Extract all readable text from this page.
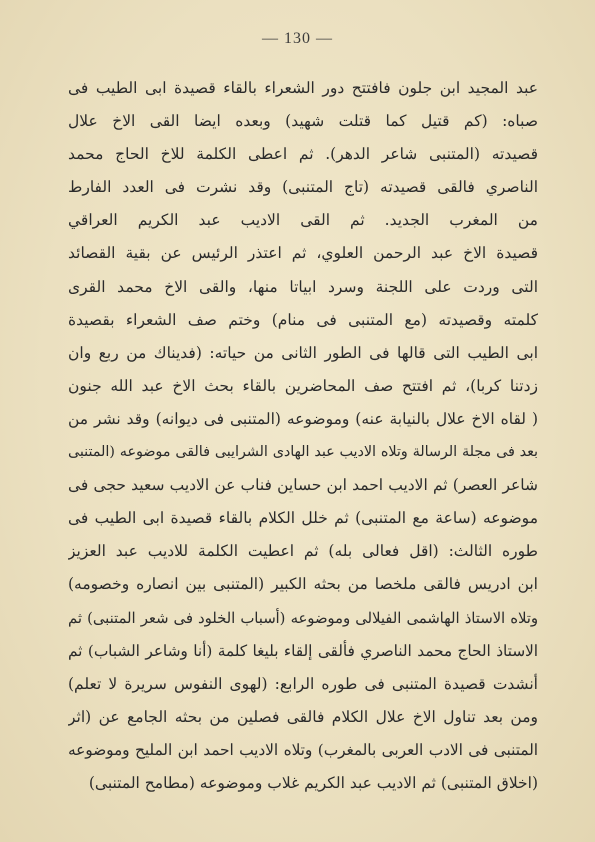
— 130 —
عبد المجيد ابن جلون فافتتح دور الشعراء بالقاء قصيدة ابى الطيب فى
صباه: (كم قتيل كما قتلت شهيد) وبعده ايضا القى الاخ علال
قصيدته (المتنبى شاعر الدهر). ثم اعطى الكلمة للاخ الحاج محمد
الناصري فالقى قصيدته (تاج المتنبى) وقد نشرت فى العدد الفارط
من المغرب الجديد. ثم القى الاديب عبد الكريم العراقي
قصيدة الاخ عبد الرحمن العلوي، ثم اعتذر الرئيس عن بقية القصائد
التى وردت على اللجنة وسرد ابياتا منها، والقى الاخ محمد القرى
كلمته وقصيدته (مع المتنبى فى منام) وختم صف الشعراء بقصيدة
ابى الطيب التى قالها فى الطور الثانى من حياته: (فديناك من ربع وان
زدتنا كربا)، ثم افتتح صف المحاضرين بالقاء بحث الاخ عبد الله جنون
( لقاه الاخ علال بالنيابة عنه) وموضوعه (المتنبى فى ديوانه) وقد نشر من
بعد فى مجلة الرسالة وتلاه الاديب عبد الهادى الشرايبى فالقى موضوعه (المتنبى
شاعر العصر) ثم الاديب احمد ابن حساين فناب عن الاديب سعيد حجى فى
موضوعه (ساعة مع المتنبى) ثم خلل الكلام بالقاء قصيدة ابى الطيب فى
طوره الثالث: (اقل فعالى بله) ثم اعطيت الكلمة للاديب عبد العزيز
ابن ادريس فالقى ملخصا من بحثه الكبير (المتنبى بين انصاره وخصومه)
وتلاه الاستاذ الهاشمى الفيلالى وموضوعه (أسباب الخلود فى شعر المتنبى) ثم
الاستاذ الحاج محمد الناصري فألقى إلقاء بليغا كلمة (أنا وشاعر الشباب) ثم
أنشدت قصيدة المتنبى فى طوره الرابع: (لهوى النفوس سريرة لا تعلم)
ومن بعد تناول الاخ علال الكلام فالقى فصلين من بحثه الجامع عن (اثر
المتنبى فى الادب العربى بالمغرب) وتلاه الاديب احمد ابن المليح وموضوعه
(اخلاق المتنبى) ثم الاديب عبد الكريم غلاب وموضوعه (مطامح المتنبى)
